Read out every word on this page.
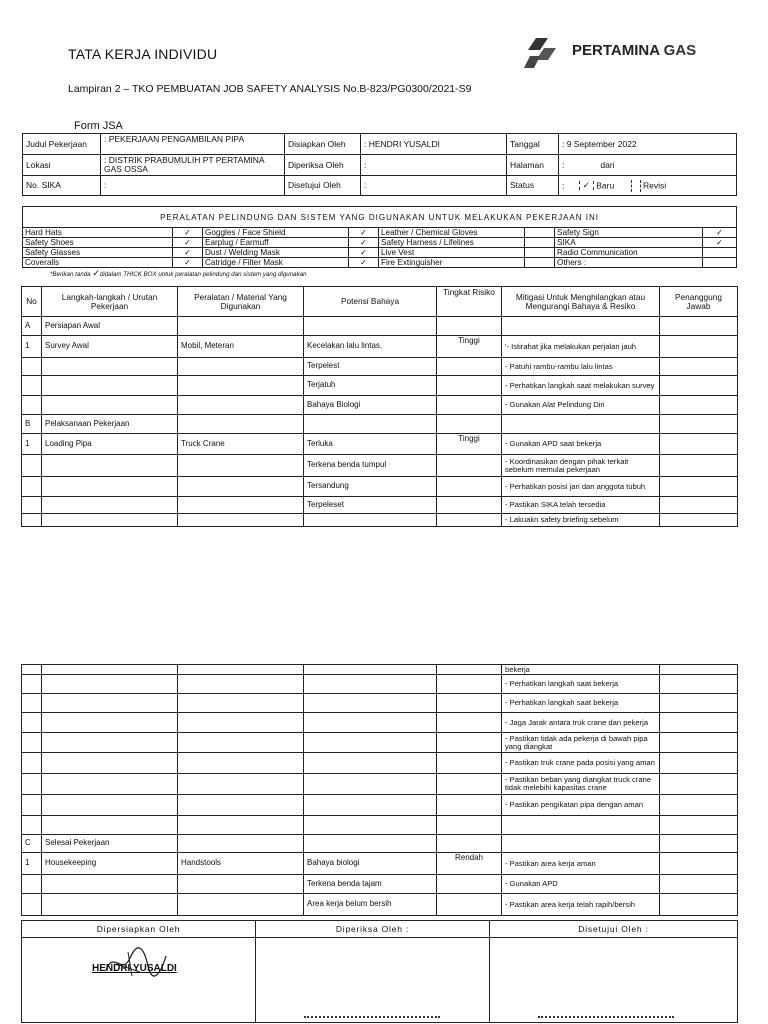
TATA KERJA INDIVIDU	PERTAMINA GAS
Lampiran 2 – TKO PEMBUATAN JOB SAFETY ANALYSIS No.B-823/PG0300/2021-S9
Form JSA
Judul Pekerjaan	: PEKERJAAN PENGAMBILAN PIPA	Disiapkan Oleh	: HENDRI YUSALDI	Tanggal	: 9 September 2022
Lokasi	: DISTRIK PRABUMULIH PT PERTAMINA GAS OSSA	Diperiksa Oleh	:	Halaman	: dari
No. SIKA	:	Disetujui Oleh	:	Status	: ✓ Baru Revisi
PERALATAN PELINDUNG DAN SISTEM YANG DIGUNAKAN UNTUK MELAKUKAN PEKERJAAN INI							
Hard Hats	✓	Goggles / Face Shield	✓	Leather / Chemical Gloves		Safety Sign	✓
Safety Shoes	✓	Earplug / Earmuff	✓	Safety Harness / Lifelines		SIKA	✓
Safety Glasses	✓	Dust / Welding Mask	✓	Live Vest		Radio Communication	
Coveralls	✓	Catridge / Filter Mask	✓	Fire Extinguisher		Others :	
*Berikan tanda ✓didalam THICK BOX untuk peralatan pelindung dan sistem yang digunakan
No	Langkah-langkah / Urutan Pekerjaan	Peralatan / Material Yang Digunakan	Potensi Bahaya	Tingkat Risiko	Mitigasi Untuk Menghilangkan atau Mengurangi Bahaya & Resiko	Penanggung Jawab
A	Persiapan Awal					
1	Survey Awal	Mobil, Meteran	Kecelakan lalu lintas,	Tinggi	'- Istirahat jika melakukan perjalan jauh	
			Terpelest		- Patuhi rambu-rambu lalu lintas	
			Terjatuh		- Perhatikan langkah saat melakukan survey	
			Bahaya Biologi		- Gunakan Alat Pelindung Diri	
B	Pelaksanaan Pekerjaan					
1	Loading Pipa	Truck Crane	Terluka	Tinggi	- Gunakan APD saat bekerja	
			Terkena benda tumpul		- Koordinasikan dengan pihak terkait sebelum memulai pekerjaan	
			Tersandung		- Perhatikan posisi jari dan anggota tubuh	
			Terpeleset		- Pastikan SIKA telah tersedia	
					- Lakuakn safety briefing sebelum	
					bekerja	
					- Perhatikan langkah saat bekerja	
					- Perhatikan langkah saat bekerja	
					- Jaga Jarak antara truk crane dan pekerja	
					- Pastikan tidak ada pekerja di bawah pipa yang diangkat	
					- Pastikan truk crane pada posisi yang aman	
					- Pastikan beban yang diangkat truck crane tidak melebihi kapasitas crane	
					- Pastikan pengikatan pipa dengan aman	

C	Selesai Pekerjaan					
1	Housekeeping	Handstools	Bahaya biologi	Rendah	- Pastikan area kerja aman	
			Terkena benda tajam		- Gunakan APD	
			Area kerja belum bersih		- Pastikan area kerja telah rapih/bersih	
Dipersiapkan Oleh	Diperiksa Oleh :	Disetujui Oleh :

HENDRI YUSALDI		
